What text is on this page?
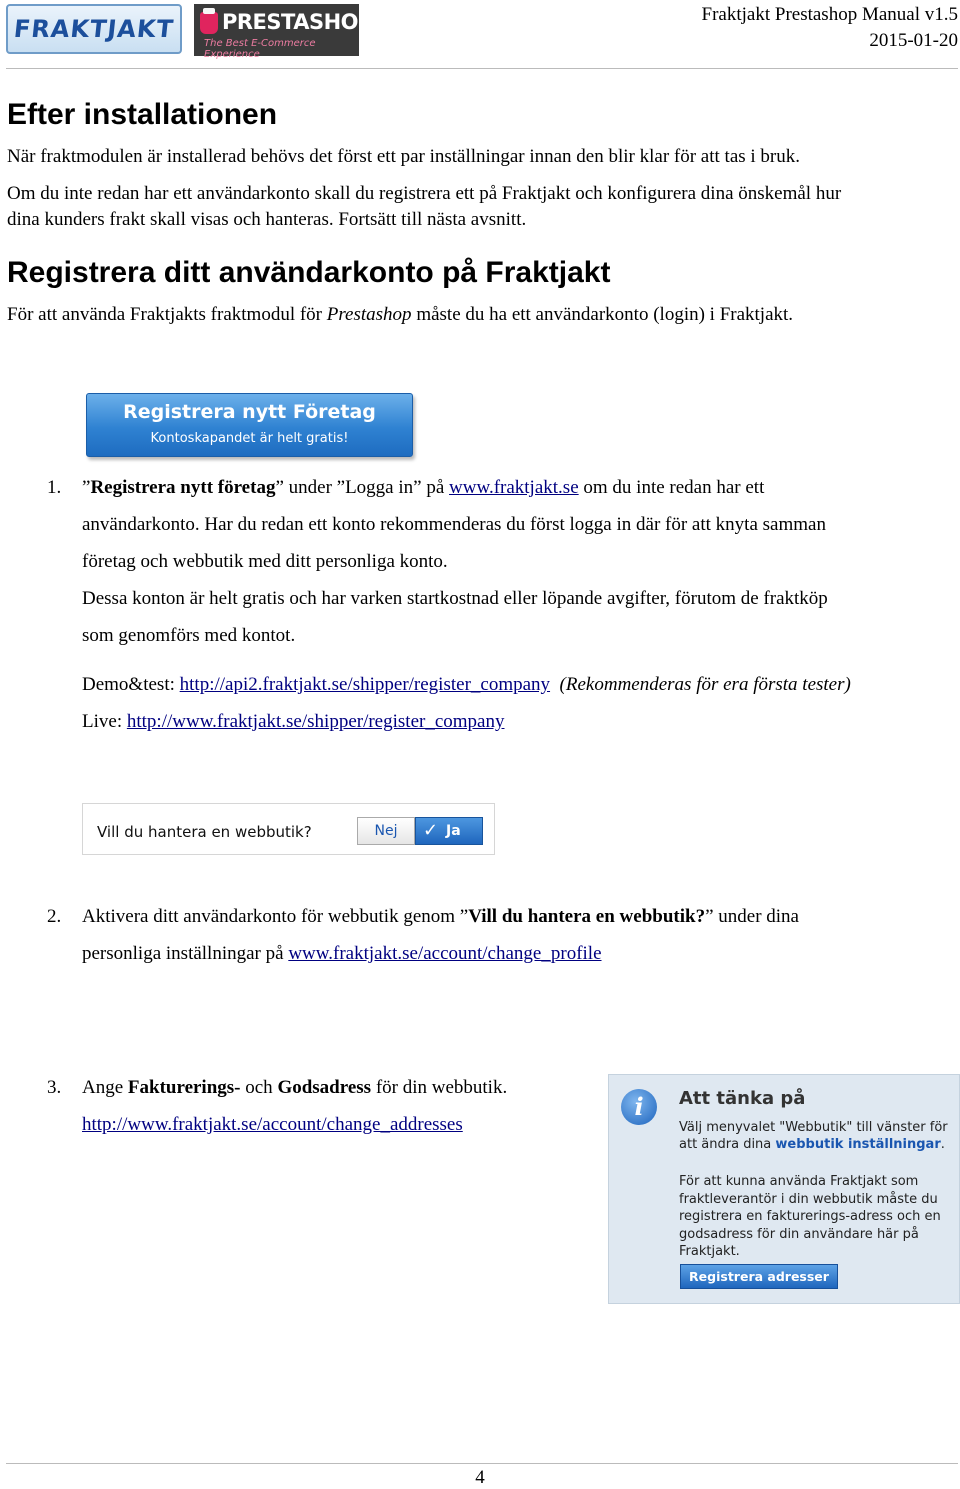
FRAKTJAKT PRESTASHOP
The Best E-Commerce Experience
Fraktjakt Prestashop Manual v1.5
2015-01-20
Efter installationen
När fraktmodulen är installerad behövs det först ett par inställningar innan den blir klar för att tas i bruk.
Om du inte redan har ett användarkonto skall du registrera ett på Fraktjakt och konfigurera dina önskemål hur
dina kunders frakt skall visas och hanteras. Fortsätt till nästa avsnitt.
Registrera ditt användarkonto på Fraktjakt
För att använda Fraktjakts fraktmodul för Prestashop måste du ha ett användarkonto (login) i Fraktjakt.
Registrera nytt Företag
Kontoskapandet är helt gratis!
1. ”Registrera nytt företag” under ”Logga in” på www.fraktjakt.se om du inte redan har ett
användarkonto. Har du redan ett konto rekommenderas du först logga in där för att knyta samman
företag och webbutik med ditt personliga konto.
Dessa konton är helt gratis och har varken startkostnad eller löpande avgifter, förutom de fraktköp
som genomförs med kontot.
Demo&test: http://api2.fraktjakt.se/shipper/register_company (Rekommenderas för era första tester)
Live: http://www.fraktjakt.se/shipper/register_company
Vill du hantera en webbutik?	Nej	✓ Ja
2. Aktivera ditt användarkonto för webbutik genom ”Vill du hantera en webbutik?” under dina
personliga inställningar på www.fraktjakt.se/account/change_profile
3. Ange Fakturerings- och Godsadress för din webbutik.
http://www.fraktjakt.se/account/change_addresses
i	Att tänka på
Välj menyvalet "Webbutik" till vänster för att ändra dina webbutik inställningar.
För att kunna använda Fraktjakt som fraktleverantör i din webbutik måste du registrera en fakturerings-adress och en godsadress för din användare här på Fraktjakt.
Registrera adresser
4
